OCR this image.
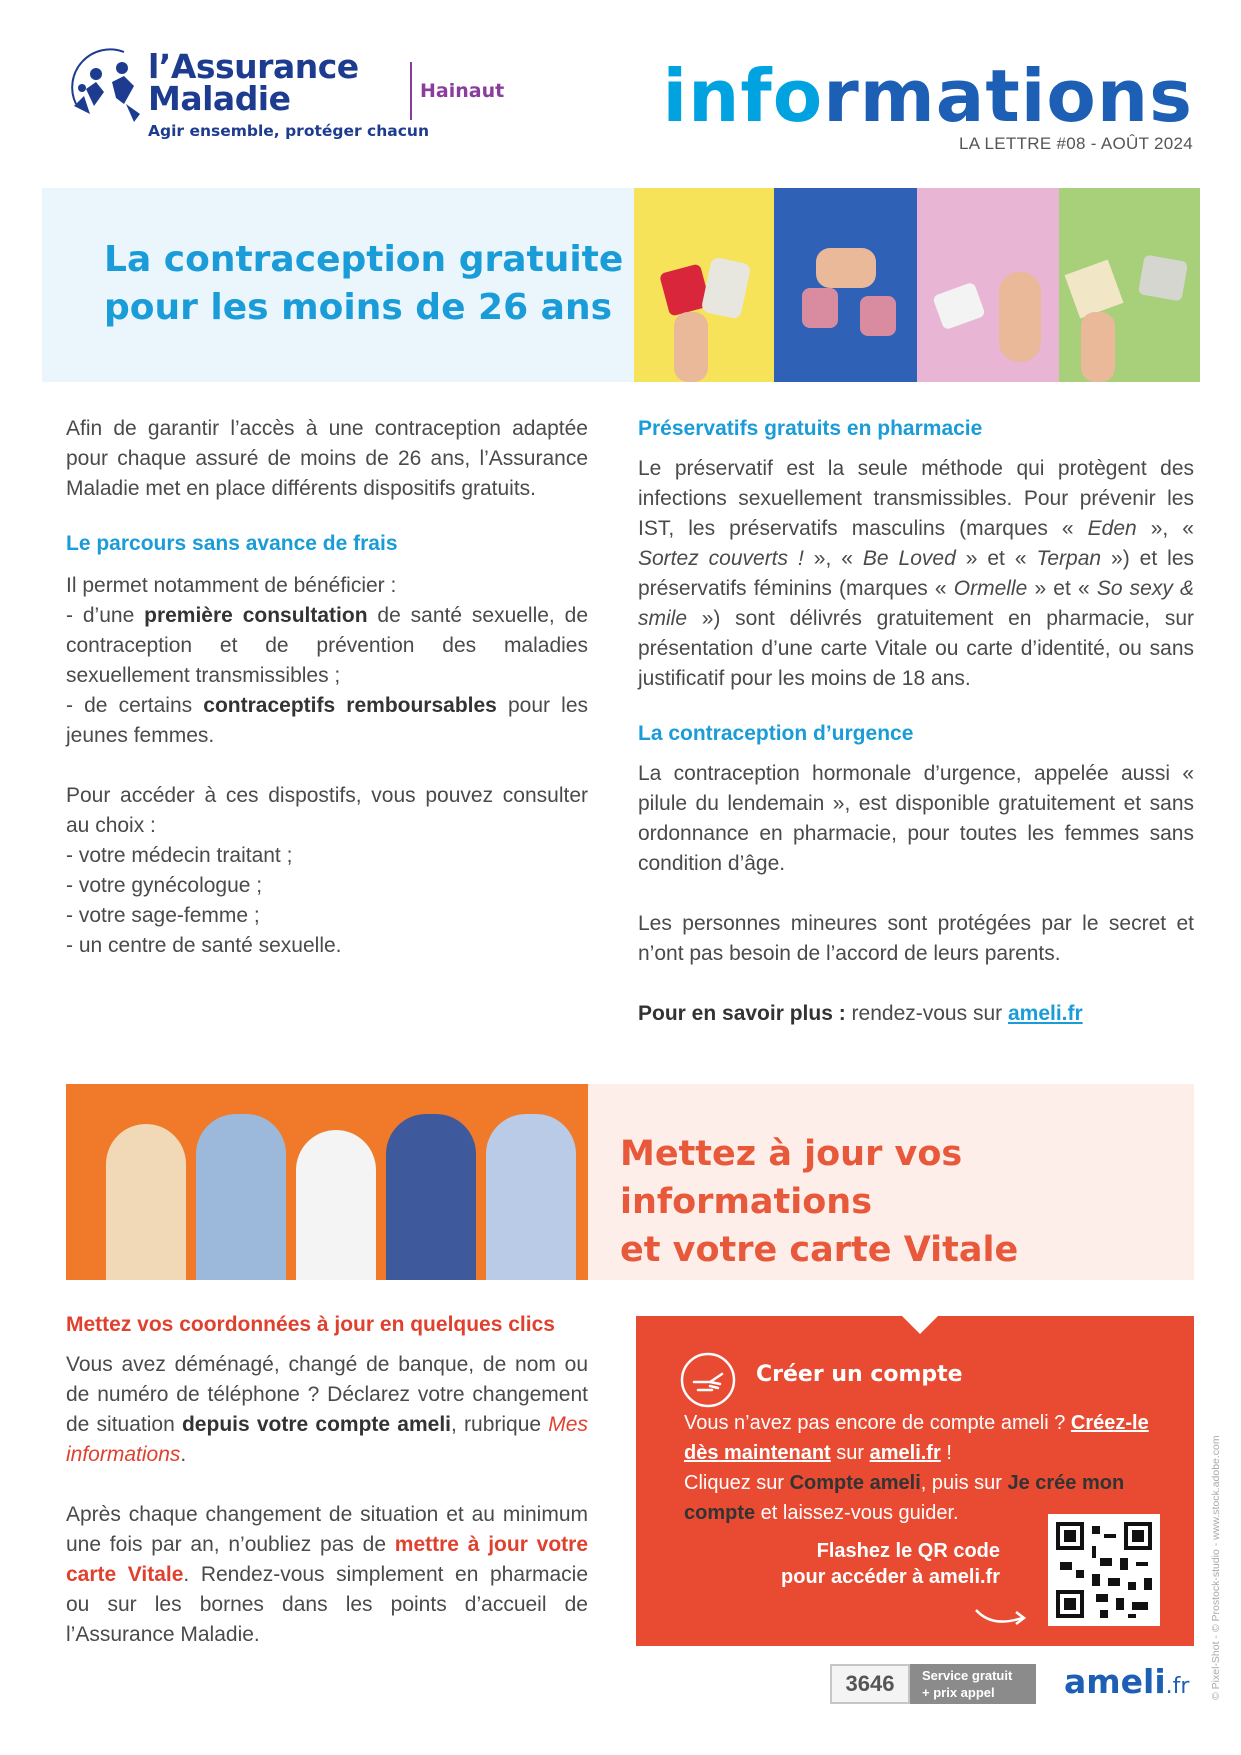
l’Assurance
Maladie
Agir ensemble, protéger chacun
Hainaut informations
LA LETTRE #08 - AOÛT 2024
La contraception gratuite
pour les moins de 26 ans
Afin de garantir l’accès à une contraception adaptée pour chaque assuré de moins de 26 ans, l’Assurance Maladie met en place différents dispositifs gratuits.
Le parcours sans avance de frais
Il permet notamment de bénéficier :
- d’une première consultation de santé sexuelle, de contraception et de prévention des maladies sexuellement transmissibles ;
- de certains contraceptifs remboursables pour les jeunes femmes.
Pour accéder à ces dispostifs, vous pouvez consulter au choix :
- votre médecin traitant ;
- votre gynécologue ;
- votre sage-femme ;
- un centre de santé sexuelle.
Préservatifs gratuits en pharmacie
Le préservatif est la seule méthode qui protègent des infections sexuellement transmissibles. Pour prévenir les IST, les préservatifs masculins (marques « Eden », « Sortez couverts ! », « Be Loved » et « Terpan ») et les préservatifs féminins (marques « Ormelle » et « So sexy & smile ») sont délivrés gratuitement en pharmacie, sur présentation d’une carte Vitale ou carte d’identité, ou sans justificatif pour les moins de 18 ans.
La contraception d’urgence
La contraception hormonale d’urgence, appelée aussi « pilule du lendemain », est disponible gratuitement et sans ordonnance en pharmacie, pour toutes les femmes sans condition d’âge.
Les personnes mineures sont protégées par le secret et n’ont pas besoin de l’accord de leurs parents.
Pour en savoir plus : rendez-vous sur ameli.fr
Mettez à jour vos informations
et votre carte Vitale
Mettez vos coordonnées à jour en quelques clics
Vous avez déménagé, changé de banque, de nom ou de numéro de téléphone ? Déclarez votre changement de situation depuis votre compte ameli, rubrique Mes informations.
Après chaque changement de situation et au minimum une fois par an, n’oubliez pas de mettre à jour votre carte Vitale. Rendez-vous simplement en pharmacie ou sur les bornes dans les points d’accueil de l’Assurance Maladie.
Créer un compte
Vous n’avez pas encore de compte ameli ? Créez-le dès maintenant sur ameli.fr !
Cliquez sur Compte ameli, puis sur Je crée mon compte et laissez-vous guider.
Flashez le QR code
pour accéder à ameli.fr
3646	Service gratuit
+ prix appel	ameli.fr © Pixel-Shot - © Prostock-studio - www.stock.adobe.com
